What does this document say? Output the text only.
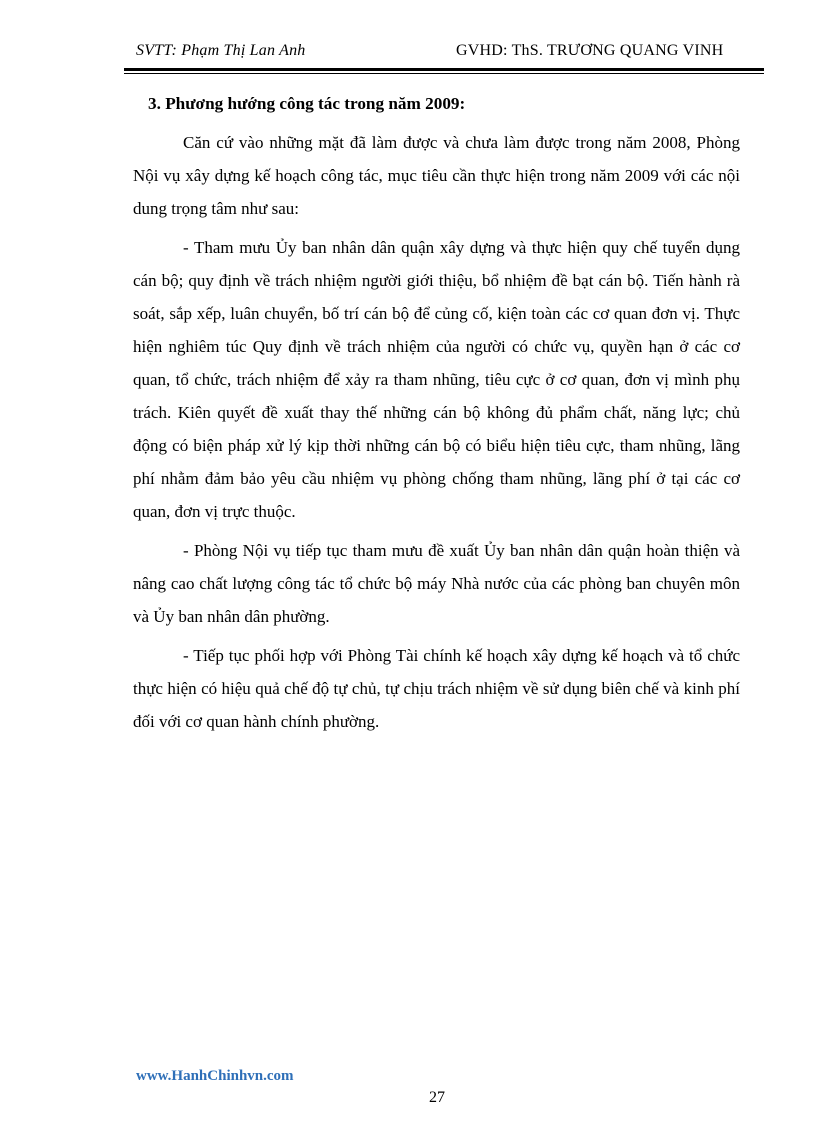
SVTT: Phạm Thị Lan Anh	GVHD: ThS. TRƯƠNG QUANG VINH
3. Phương hướng công tác trong năm 2009:

Căn cứ vào những mặt đã làm được và chưa làm được trong năm 2008, Phòng Nội vụ xây dựng kế hoạch công tác, mục tiêu cần thực hiện trong năm 2009 với các nội dung trọng tâm như sau:

- Tham mưu Ủy ban nhân dân quận xây dựng và thực hiện quy chế tuyển dụng cán bộ; quy định về trách nhiệm người giới thiệu, bổ nhiệm đề bạt cán bộ. Tiến hành rà soát, sắp xếp, luân chuyển, bố trí cán bộ để củng cố, kiện toàn các cơ quan đơn vị. Thực hiện nghiêm túc Quy định về trách nhiệm của người có chức vụ, quyền hạn ở các cơ quan, tổ chức, trách nhiệm để xảy ra tham nhũng, tiêu cực ở cơ quan, đơn vị mình phụ trách. Kiên quyết đề xuất thay thế những cán bộ không đủ phẩm chất, năng lực; chủ động có biện pháp xử lý kịp thời những cán bộ có biểu hiện tiêu cực, tham nhũng, lãng phí nhằm đảm bảo yêu cầu nhiệm vụ phòng chống tham nhũng, lãng phí ở tại các cơ quan, đơn vị trực thuộc.

- Phòng Nội vụ tiếp tục tham mưu đề xuất Ủy ban nhân dân quận hoàn thiện và nâng cao chất lượng công tác tổ chức bộ máy Nhà nước của các phòng ban chuyên môn và Ủy ban nhân dân phường.

- Tiếp tục phối hợp với Phòng Tài chính kế hoạch xây dựng kế hoạch và tổ chức thực hiện có hiệu quả chế độ tự chủ, tự chịu trách nhiệm về sử dụng biên chế và kinh phí đối với cơ quan hành chính phường.

www.HanhChinhvn.com
27
